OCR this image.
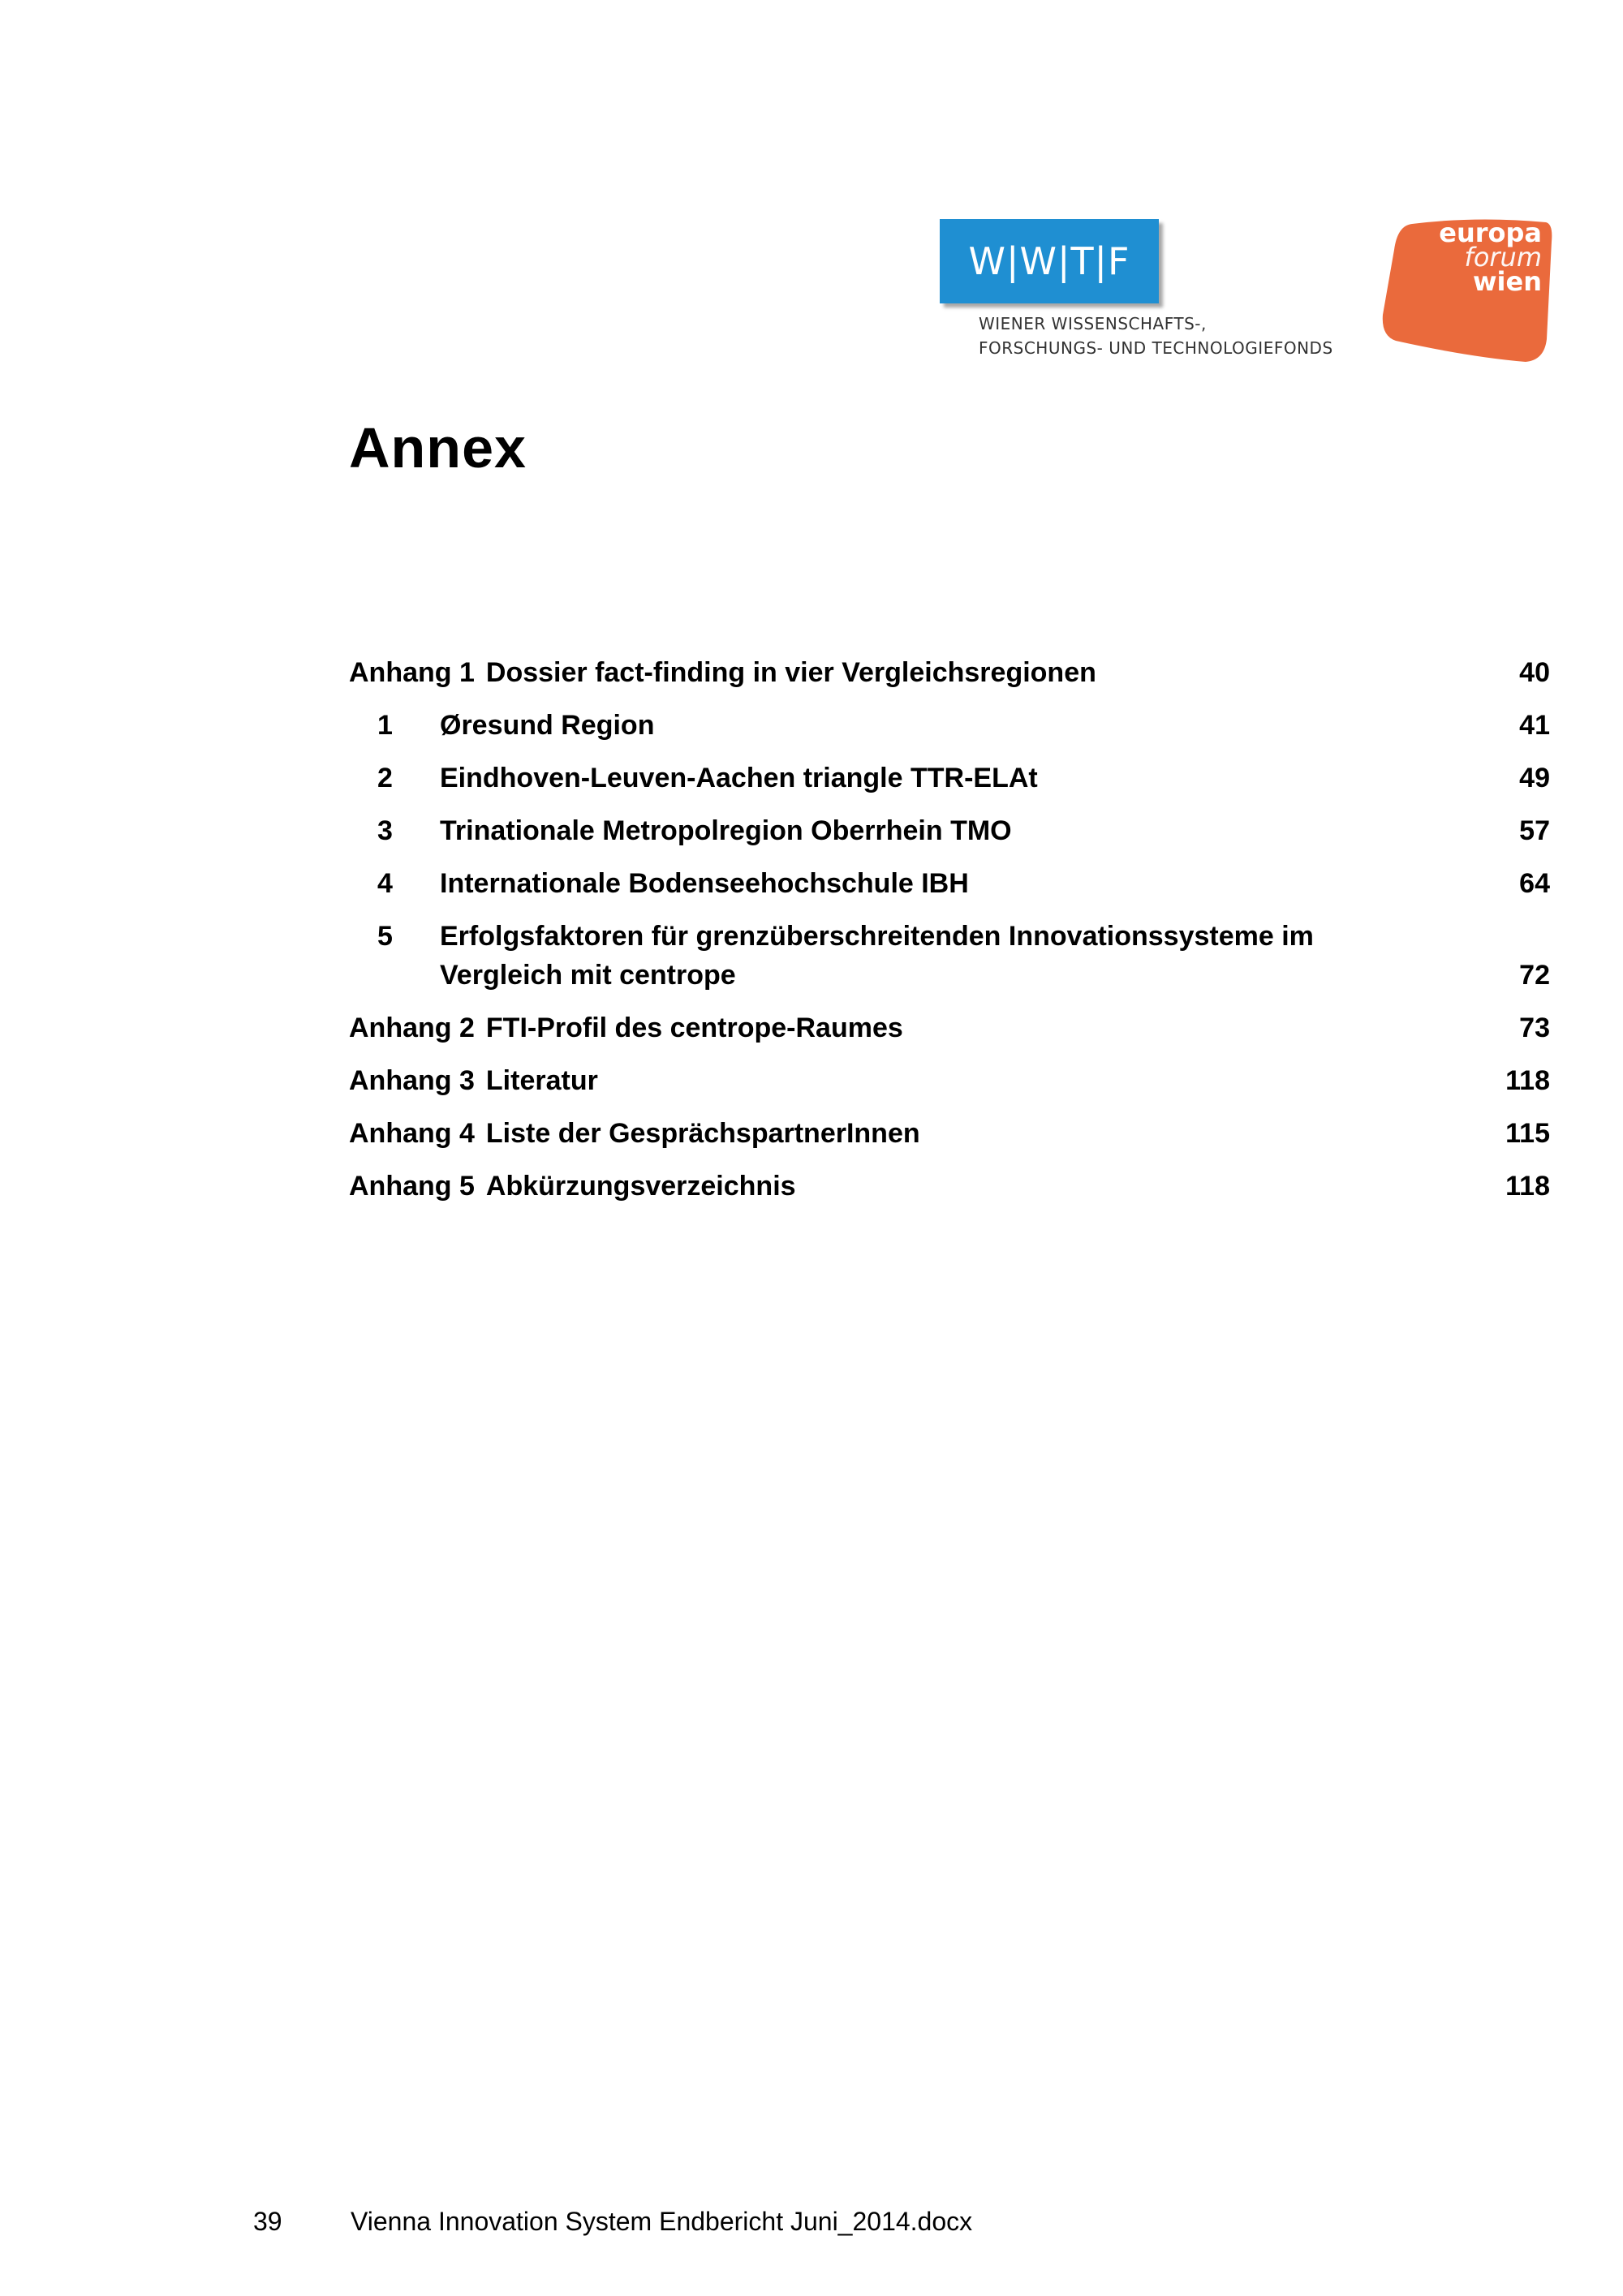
W|W|T|F
WIENER WISSENSCHAFTS-,
FORSCHUNGS- UND TECHNOLOGIEFONDS
europa
forum
wien
Annex
Anhang 1 Dossier fact-finding in vier Vergleichsregionen	40
1 Øresund Region	41
2 Eindhoven-Leuven-Aachen triangle TTR-ELAt	49
3 Trinationale Metropolregion Oberrhein TMO	57
4 Internationale Bodenseehochschule IBH	64
5 Erfolgsfaktoren für grenzüberschreitenden Innovationssysteme im Vergleich mit centrope	72
Anhang 2 FTI-Profil des centrope-Raumes	73
Anhang 3 Literatur	118
Anhang 4 Liste der GesprächspartnerInnen	115
Anhang 5 Abkürzungsverzeichnis	118
39	Vienna Innovation System Endbericht Juni_2014.docx
